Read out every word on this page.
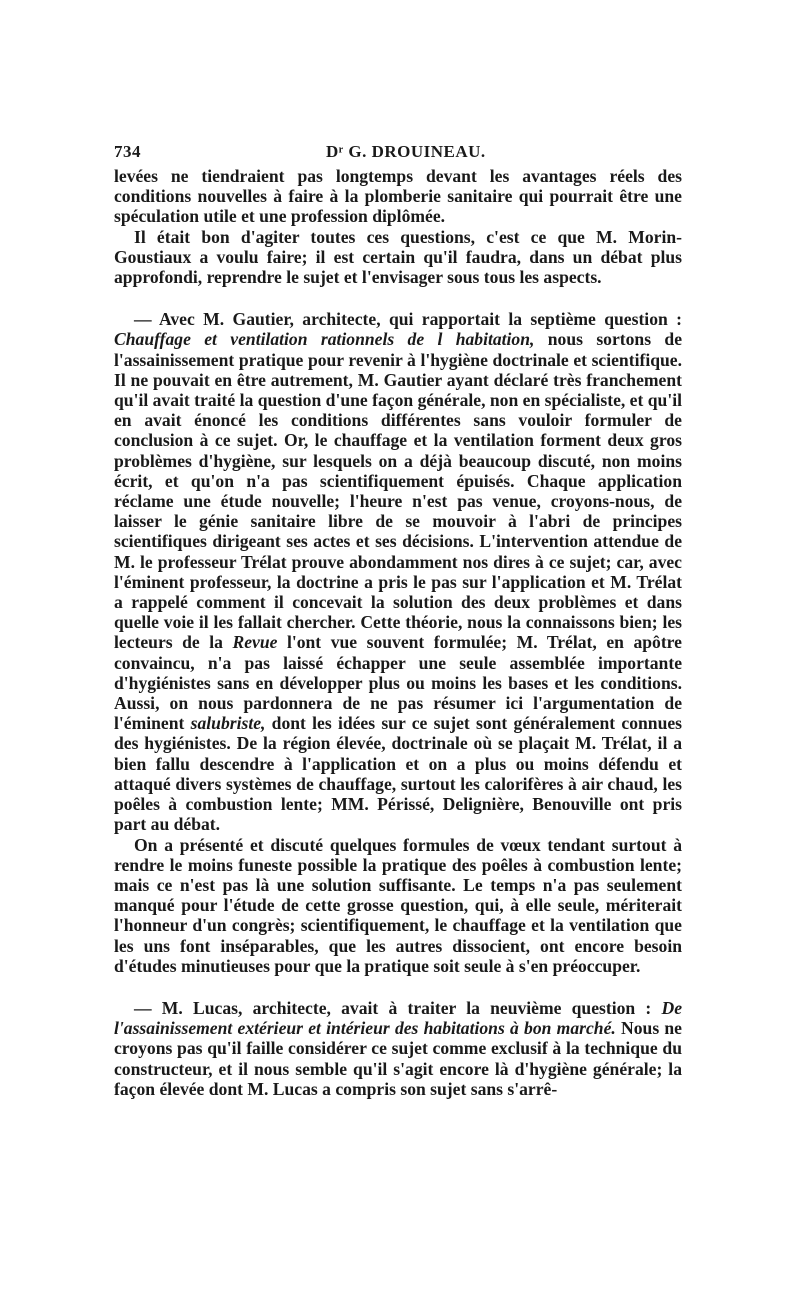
734	Dʳ G. DROUINEAU.

levées ne tiendraient pas longtemps devant les avantages réels des conditions nouvelles à faire à la plomberie sanitaire qui pourrait être une spéculation utile et une profession diplômée.

Il était bon d'agiter toutes ces questions, c'est ce que M. Morin-Goustiaux a voulu faire; il est certain qu'il faudra, dans un débat plus approfondi, reprendre le sujet et l'envisager sous tous les aspects.

— Avec M. Gautier, architecte, qui rapportait la septième question : Chauffage et ventilation rationnels de l habitation, nous sortons de l'assainissement pratique pour revenir à l'hygiène doctrinale et scientifique. Il ne pouvait en être autrement, M. Gautier ayant déclaré très franchement qu'il avait traité la question d'une façon générale, non en spécialiste, et qu'il en avait énoncé les conditions différentes sans vouloir formuler de conclusion à ce sujet. Or, le chauffage et la ventilation forment deux gros problèmes d'hygiène, sur lesquels on a déjà beaucoup discuté, non moins écrit, et qu'on n'a pas scientifiquement épuisés. Chaque application réclame une étude nouvelle; l'heure n'est pas venue, croyons-nous, de laisser le génie sanitaire libre de se mouvoir à l'abri de principes scientifiques dirigeant ses actes et ses décisions. L'intervention attendue de M. le professeur Trélat prouve abondamment nos dires à ce sujet; car, avec l'éminent professeur, la doctrine a pris le pas sur l'application et M. Trélat a rappelé comment il concevait la solution des deux problèmes et dans quelle voie il les fallait chercher. Cette théorie, nous la connaissons bien; les lecteurs de la Revue l'ont vue souvent formulée; M. Trélat, en apôtre convaincu, n'a pas laissé échapper une seule assemblée importante d'hygiénistes sans en développer plus ou moins les bases et les conditions. Aussi, on nous pardonnera de ne pas résumer ici l'argumentation de l'éminent salubriste, dont les idées sur ce sujet sont généralement connues des hygiénistes. De la région élevée, doctrinale où se plaçait M. Trélat, il a bien fallu descendre à l'application et on a plus ou moins défendu et attaqué divers systèmes de chauffage, surtout les calorifères à air chaud, les poêles à combustion lente; MM. Périssé, Delignière, Benouville ont pris part au débat.

On a présenté et discuté quelques formules de vœux tendant surtout à rendre le moins funeste possible la pratique des poêles à combustion lente; mais ce n'est pas là une solution suffisante. Le temps n'a pas seulement manqué pour l'étude de cette grosse question, qui, à elle seule, mériterait l'honneur d'un congrès; scientifiquement, le chauffage et la ventilation que les uns font inséparables, que les autres dissocient, ont encore besoin d'études minutieuses pour que la pratique soit seule à s'en préoccuper.

— M. Lucas, architecte, avait à traiter la neuvième question : De l'assainissement extérieur et intérieur des habitations à bon marché. Nous ne croyons pas qu'il faille considérer ce sujet comme exclusif à la technique du constructeur, et il nous semble qu'il s'agit encore là d'hygiène générale; la façon élevée dont M. Lucas a compris son sujet sans s'arrê-
